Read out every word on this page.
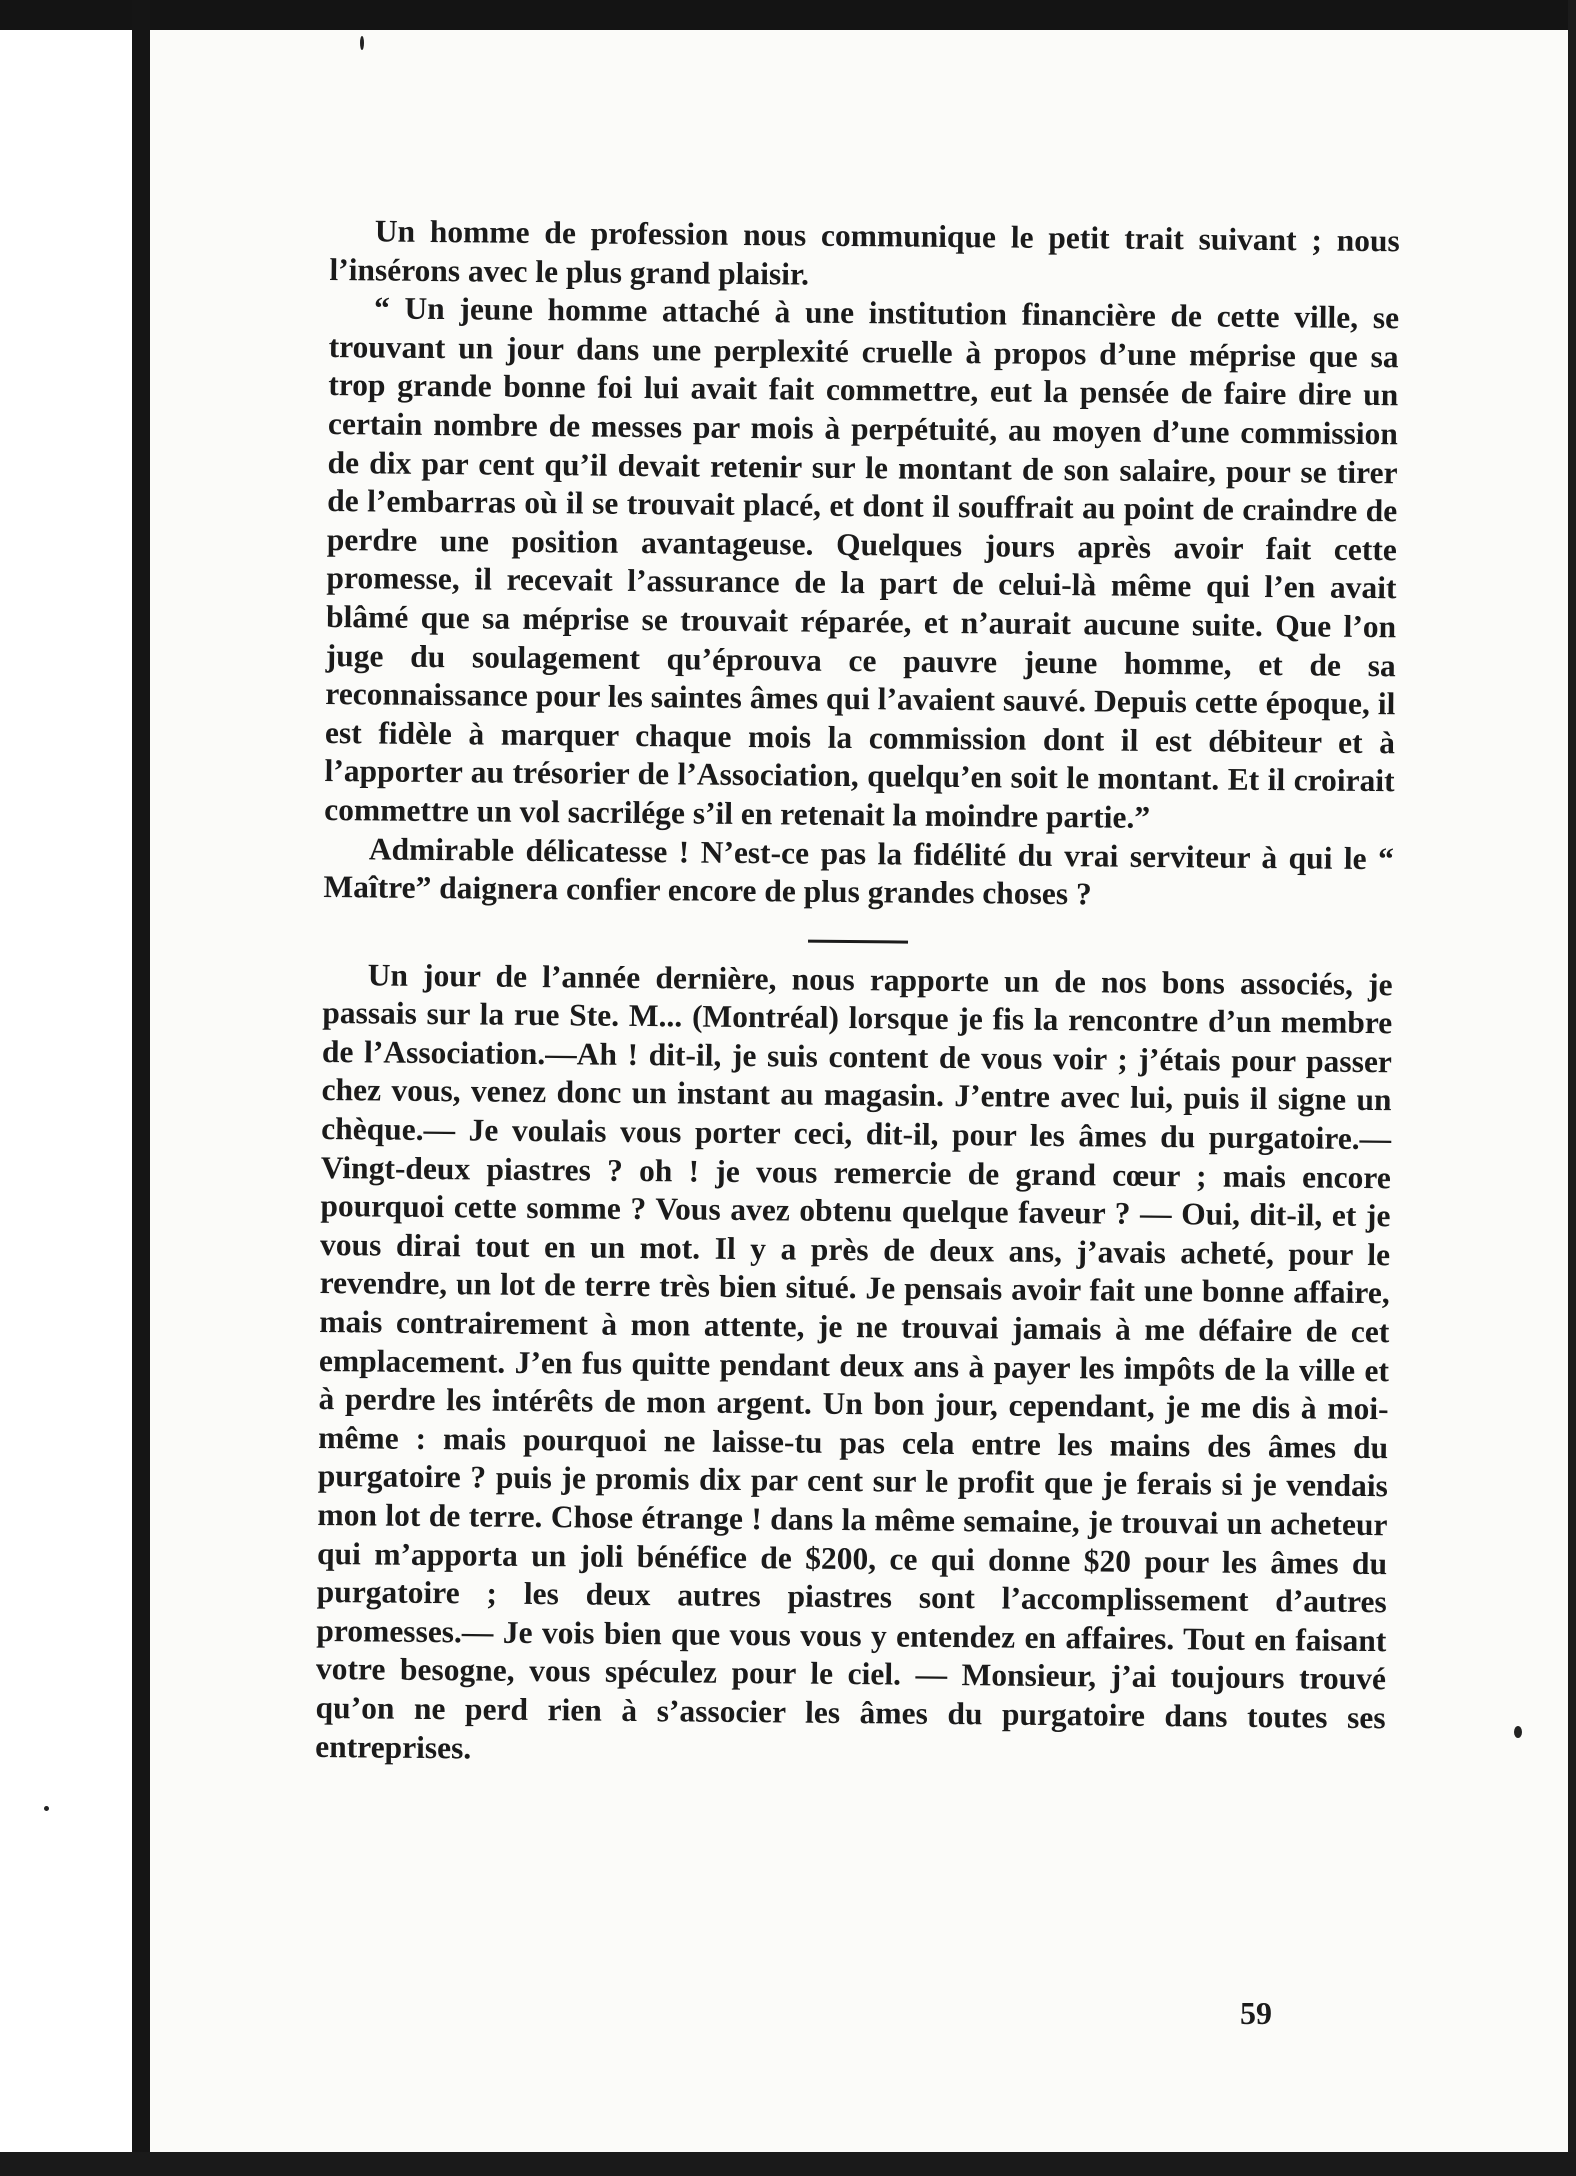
Un homme de profession nous communique le petit trait suivant ; nous l’insérons avec le plus grand plaisir.

“ Un jeune homme attaché à une institution financière de cette ville, se trouvant un jour dans une perplexité cruelle à propos d’une méprise que sa trop grande bonne foi lui avait fait commettre, eut la pensée de faire dire un certain nombre de messes par mois à perpétuité, au moyen d’une commission de dix par cent qu’il devait retenir sur le montant de son salaire, pour se tirer de l’embarras où il se trouvait placé, et dont il souffrait au point de craindre de perdre une position avantageuse. Quelques jours après avoir fait cette promesse, il recevait l’assurance de la part de celui-là même qui l’en avait blâmé que sa méprise se trouvait réparée, et n’aurait aucune suite. Que l’on juge du soulagement qu’éprouva ce pauvre jeune homme, et de sa reconnaissance pour les saintes âmes qui l’avaient sauvé. Depuis cette époque, il est fidèle à marquer chaque mois la commission dont il est débiteur et à l’apporter au trésorier de l’Association, quelqu’en soit le montant. Et il croirait commettre un vol sacrilége s’il en retenait la moindre partie.”

Admirable délicatesse ! N’est-ce pas la fidélité du vrai serviteur à qui le “ Maître” daignera confier encore de plus grandes choses ?

Un jour de l’année dernière, nous rapporte un de nos bons associés, je passais sur la rue Ste. M... (Montréal) lorsque je fis la rencontre d’un membre de l’Association.—Ah ! dit-il, je suis content de vous voir ; j’étais pour passer chez vous, venez donc un instant au magasin. J’entre avec lui, puis il signe un chèque.— Je voulais vous porter ceci, dit-il, pour les âmes du purgatoire.— Vingt-deux piastres ? oh ! je vous remercie de grand cœur ; mais encore pourquoi cette somme ? Vous avez obtenu quelque faveur ? — Oui, dit-il, et je vous dirai tout en un mot. Il y a près de deux ans, j’avais acheté, pour le revendre, un lot de terre très bien situé. Je pensais avoir fait une bonne affaire, mais contrairement à mon attente, je ne trouvai jamais à me défaire de cet emplacement. J’en fus quitte pendant deux ans à payer les impôts de la ville et à perdre les intérêts de mon argent. Un bon jour, cependant, je me dis à moi-même : mais pourquoi ne laisse-tu pas cela entre les mains des âmes du purgatoire ? puis je promis dix par cent sur le profit que je ferais si je vendais mon lot de terre. Chose étrange ! dans la même semaine, je trouvai un acheteur qui m’apporta un joli bénéfice de $200, ce qui donne $20 pour les âmes du purgatoire ; les deux autres piastres sont l’accomplissement d’autres promesses.— Je vois bien que vous vous y entendez en affaires. Tout en faisant votre besogne, vous spéculez pour le ciel. — Monsieur, j’ai toujours trouvé qu’on ne perd rien à s’associer les âmes du purgatoire dans toutes ses entreprises.

59
